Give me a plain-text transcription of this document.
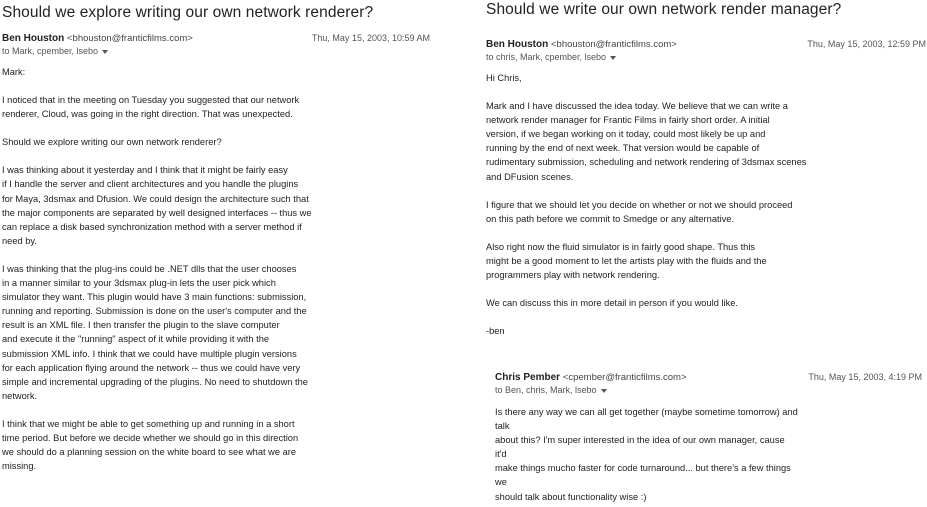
Should we explore writing our own network renderer?
Ben Houston <bhouston@franticfilms.com>	Thu, May 15, 2003, 10:59 AM
to Mark, cpember, lsebo

Mark:

I noticed that in the meeting on Tuesday you suggested that our network

renderer, Cloud, was going in the right direction. That was unexpected.

Should we explore writing our own network renderer?

I was thinking about it yesterday and I think that it might be fairly easy

if I handle the server and client architectures and you handle the plugins

for Maya, 3dsmax and Dfusion. We could design the architecture such that

the major components are separated by well designed interfaces -- thus we

can replace a disk based synchronization method with a server method if

need by.

I was thinking that the plug-ins could be .NET dlls that the user chooses

in a manner similar to your 3dsmax plug-in lets the user pick which

simulator they want. This plugin would have 3 main functions: submission,

running and reporting. Submission is done on the user's computer and the

result is an XML file. I then transfer the plugin to the slave computer

and execute it the "running" aspect of it while providing it with the

submission XML info. I think that we could have multiple plugin versions

for each application flying around the network -- thus we could have very

simple and incremental upgrading of the plugins. No need to shutdown the

network.

I think that we might be able to get something up and running in a short

time period. But before we decide whether we should go in this direction

we should do a planning session on the white board to see what we are

missing.

Should we write our own network render manager?
Ben Houston <bhouston@franticfilms.com>	Thu, May 15, 2003, 12:59 PM
to chris, Mark, cpember, lsebo

Hi Chris,

Mark and I have discussed the idea today. We believe that we can write a

network render manager for Frantic Films in fairly short order. A initial

version, if we began working on it today, could most likely be up and

running by the end of next week. That version would be capable of

rudimentary submission, scheduling and network rendering of 3dsmax scenes

and DFusion scenes.

I figure that we should let you decide on whether or not we should proceed

on this path before we commit to Smedge or any alternative.

Also right now the fluid simulator is in fairly good shape. Thus this

might be a good moment to let the artists play with the fluids and the

programmers play with network rendering.

We can discuss this in more detail in person if you would like.

-ben

Chris Pember <cpember@franticfilms.com>	Thu, May 15, 2003, 4:19 PM
to Ben, chris, Mark, lsebo

Is there any way we can all get together (maybe sometime tomorrow) and

talk

about this? I'm super interested in the idea of our own manager, cause

it'd

make things mucho faster for code turnaround... but there's a few things

we

should talk about functionality wise :)
